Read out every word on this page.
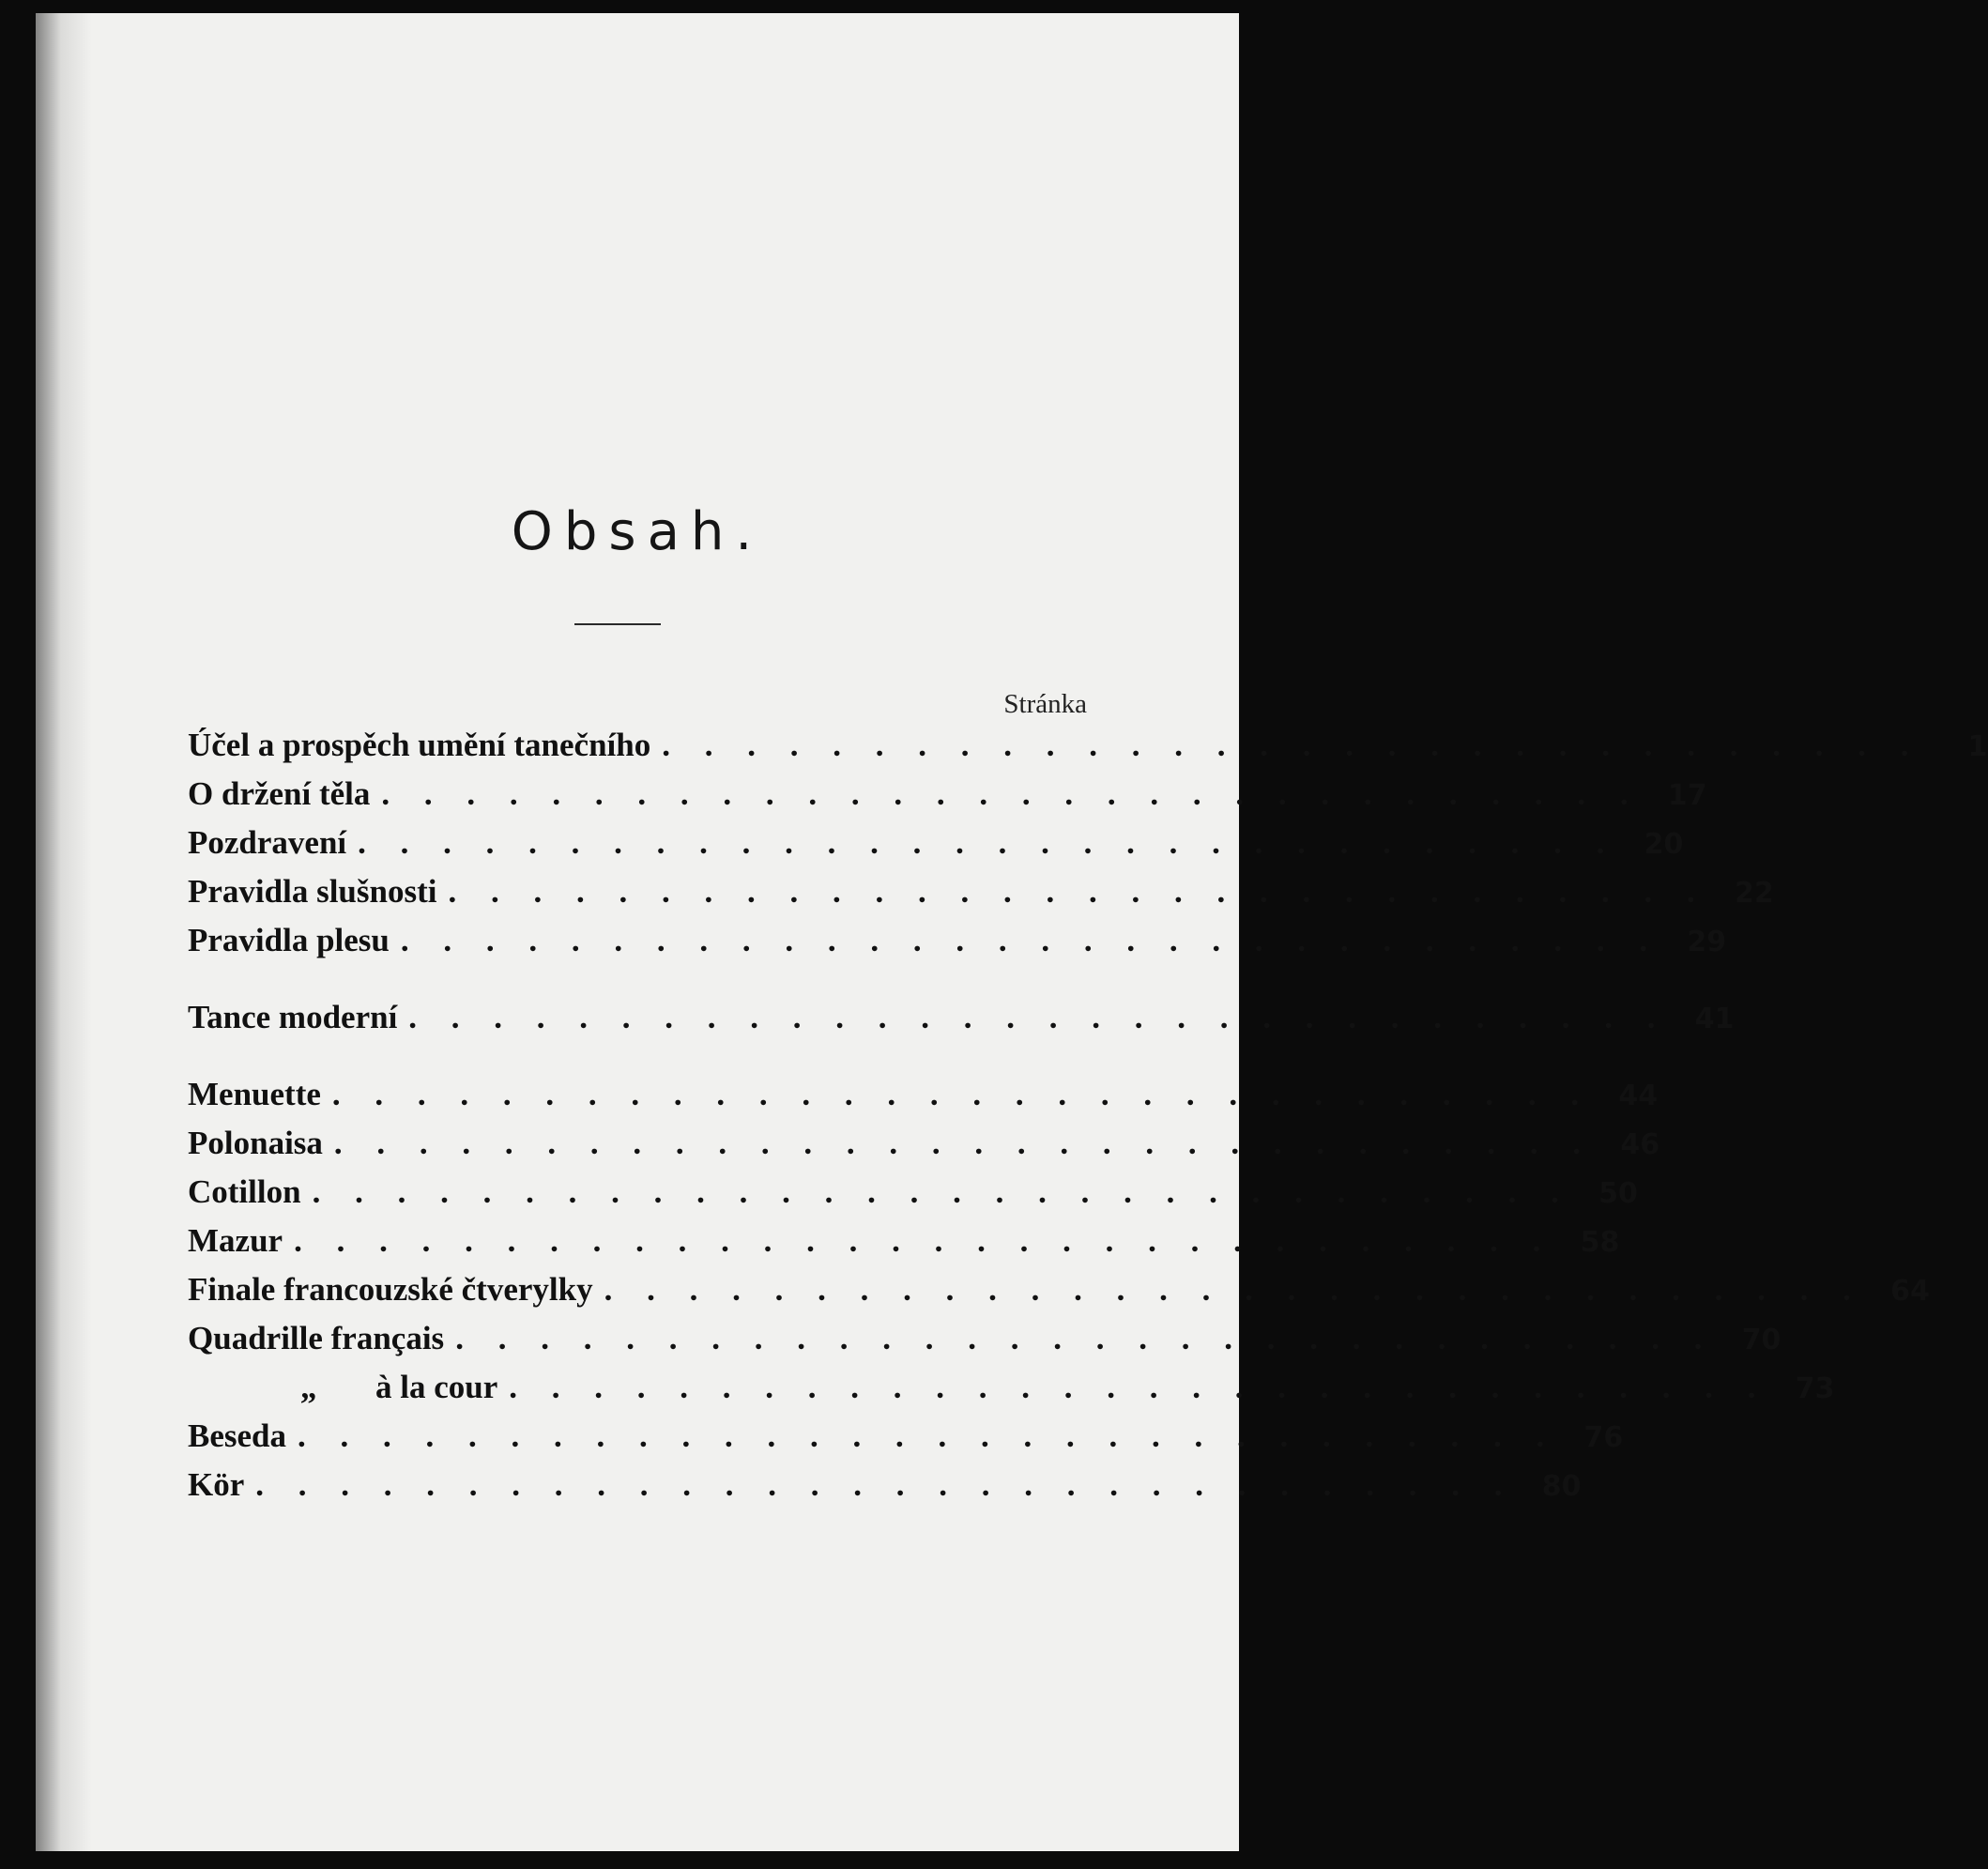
Obsah.
Stránka
Účel a prospěch umění tanečního . . . . . . . . . . . . . . . . . . . . . . . . . . . . . .	1
O držení těla . . . . . . . . . . . . . . . . . . . . . . . . . . . . . . 17
Pozdravení . . . . . . . . . . . . . . . . . . . . . . . . . . . . . . 20
Pravidla slušnosti . . . . . . . . . . . . . . . . . . . . . . . . . . . . . . 22
Pravidla plesu . . . . . . . . . . . . . . . . . . . . . . . . . . . . . . 29
Tance moderní . . . . . . . . . . . . . . . . . . . . . . . . . . . . . . 41
Menuette . . . . . . . . . . . . . . . . . . . . . . . . . . . . . . 44
Polonaisa . . . . . . . . . . . . . . . . . . . . . . . . . . . . . . 46
Cotillon . . . . . . . . . . . . . . . . . . . . . . . . . . . . . . 50
Mazur . . . . . . . . . . . . . . . . . . . . . . . . . . . . . . 58
Finale francouzské čtverylky . . . . . . . . . . . . . . . . . . . . . . . . . . . . . . 64
Quadrille français . . . . . . . . . . . . . . . . . . . . . . . . . . . . . . 70
„ à la cour . . . . . . . . . . . . . . . . . . . . . . . . . . . . . . 73
Beseda . . . . . . . . . . . . . . . . . . . . . . . . . . . . . . 76
Kör . . . . . . . . . . . . . . . . . . . . . . . . . . . . . . 80
